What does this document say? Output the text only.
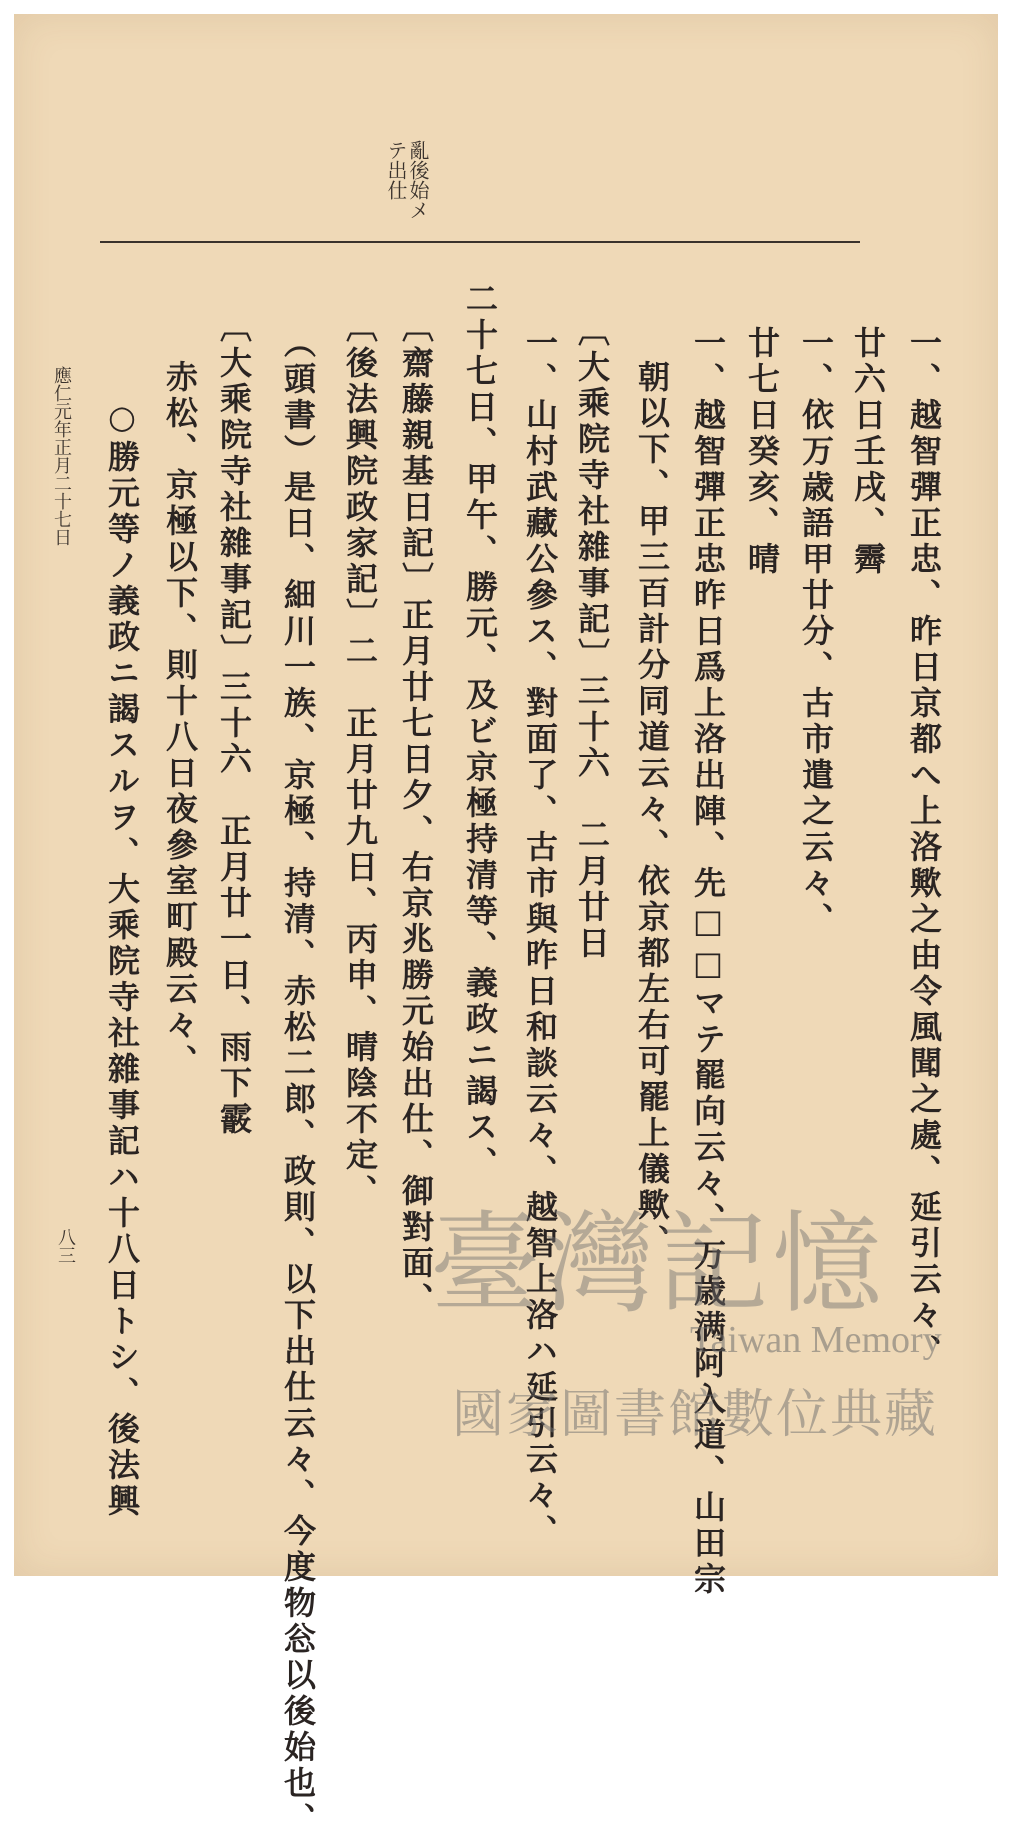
亂後始メ
テ出仕
一、越智彈正忠、昨日京都へ上洛歟之由令風聞之處、延引云々、
廿六日壬戌、霽
一、依万歳語甲廿分、古市遣之云々、
廿七日癸亥、晴
一、越智彈正忠昨日爲上洛出陣、先□□マテ罷向云々、万歳满阿入道、山田宗
朝以下、甲三百計分同道云々、依京都左右可罷上儀歟、
〔大乘院寺社雜事記〕三十六　二月廿日
一、山村武藏公參ス、對面了、古市與昨日和談云々、越智上洛ハ延引云々、
二十七日、甲午、勝元、及ビ京極持清等、義政ニ謁ス、
〔齋藤親基日記〕正月廿七日夕、右京兆勝元始出仕、御對面、
〔後法興院政家記〕二　正月廿九日、丙申、晴陰不定、
（頭書）是日、細川一族、京極、持清、赤松二郎、政則、以下出仕云々、今度物忩以後始也、
〔大乘院寺社雜事記〕三十六　正月廿一日、雨下霰
赤松、京極以下、則十八日夜參室町殿云々、
○勝元等ノ義政ニ謁スルヲ、大乘院寺社雜事記ハ十八日トシ、後法興
應仁元年正月二十七日
八三	臺灣記憶
Taiwan Memory
國家圖書館數位典藏
